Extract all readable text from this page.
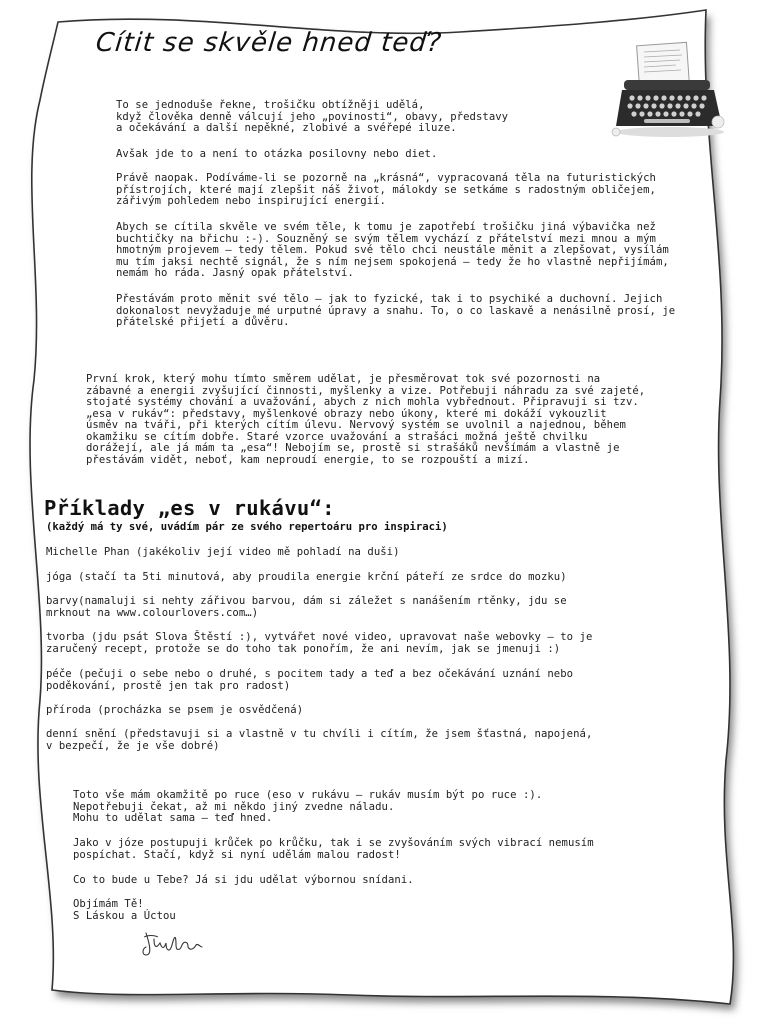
Cítit se skvěle hned teď?
To se jednoduše řekne, trošičku obtížněji udělá,
když člověka denně válcují jeho „povinosti“, obavy, představy
a očekávání a další nepěkné, zlobivé a svéřepé iluze.
Avšak jde to a není to otázka posilovny nebo diet.
Právě naopak. Podíváme-li se pozorně na „krásná“, vypracovaná těla na futuristických
přístrojích, které mají zlepšit náš život, málokdy se setkáme s radostným obličejem,
zářivým pohledem nebo inspirující energií.
Abych se cítila skvěle ve svém těle, k tomu je zapotřebí trošičku jiná výbavička než
buchtičky na břichu :-). Souzněný se svým tělem vychází z přátelství mezi mnou a mým
hmotným projevem – tedy tělem. Pokud své tělo chci neustále měnit a zlepšovat, vysílám
mu tím jaksi nechtě signál, že s ním nejsem spokojená – tedy že ho vlastně nepřijímám,
nemám ho ráda. Jasný opak přátelství.
Přestávám proto měnit své tělo – jak to fyzické, tak i to psychiké a duchovní. Jejich
dokonalost nevyžaduje mé urputné úpravy a snahu. To, o co laskavě a nenásilně prosí, je
přátelské přijetí a důvěru.
První krok, který mohu tímto směrem udělat, je přesměrovat tok své pozornosti na
zábavné a energii zvyšující činnosti, myšlenky a vize. Potřebuji náhradu za své zajeté,
stojaté systémy chování a uvažování, abych z nich mohla vybřednout. Připravuji si tzv.
„esa v rukáv“: představy, myšlenkové obrazy nebo úkony, které mi dokáží vykouzlit
úsměv na tváři, při kterých cítím úlevu. Nervový systém se uvolnil a najednou, během
okamžiku se cítím dobře. Staré vzorce uvažování a strašáci možná ještě chvilku
dorážejí, ale já mám ta „esa“! Nebojím se, prostě si strašáků nevšímám a vlastně je
přestávám vidět, neboť, kam neproudí energie, to se rozpouští a mizí.
Příklady „es v rukávu“:
(každý má ty své, uvádím pár ze svého repertoáru pro inspiraci)
Michelle Phan (jakékoliv její video mě pohladí na duši)
jóga (stačí ta 5ti minutová, aby proudila energie krční páteří ze srdce do mozku)
barvy(namaluji si nehty zářivou barvou, dám si záležet s nanášením rtěnky, jdu se
mrknout na www.colourlovers.com…)
tvorba (jdu psát Slova Štěstí :), vytvářet nové video, upravovat naše webovky – to je
zaručený recept, protože se do toho tak ponořím, že ani nevím, jak se jmenuji :)
péče (pečuji o sebe nebo o druhé, s pocitem tady a teď a bez očekávání uznání nebo
poděkování, prostě jen tak pro radost)
příroda (procházka se psem je osvědčená)
denní snění (představuji si a vlastně v tu chvíli i cítím, že jsem šťastná, napojená,
v bezpečí, že je vše dobré)
Toto vše mám okamžitě po ruce (eso v rukávu – rukáv musím být po ruce :).
Nepotřebuji čekat, až mi někdo jiný zvedne náladu.
Mohu to udělat sama – teď hned.
Jako v józe postupuji krůček po krůčku, tak i se zvyšováním svých vibrací nemusím
pospíchat. Stačí, když si nyní udělám malou radost!
Co to bude u Tebe? Já si jdu udělat výbornou snídani.
Objímám Tě!
S Láskou a Úctou
